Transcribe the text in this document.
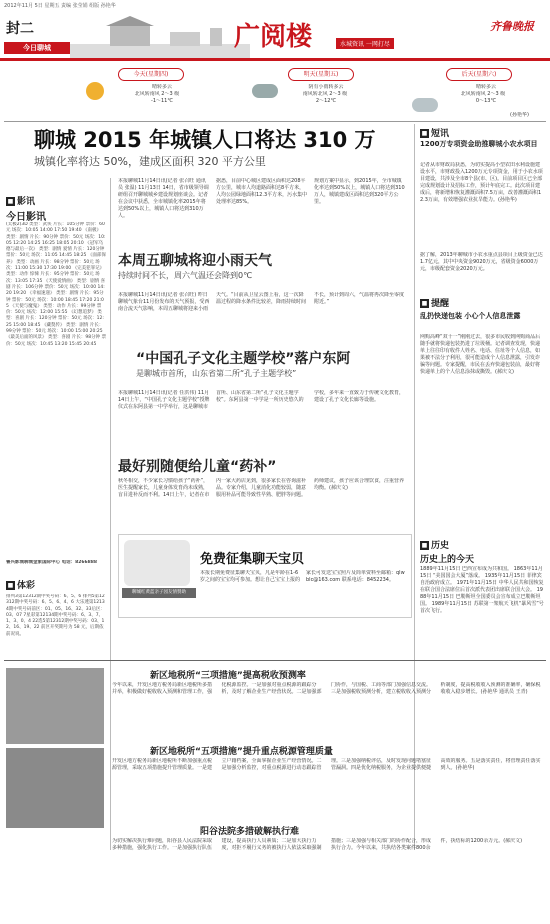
2012年11月 5日 星期五 责编 张莹娟 组版 孙艳华
封二
今日聊城	广阅楼	水城资讯 一网打尽
齐鲁晚报
今天(星期四)
晴转多云
北风转南风 2～3 级
-1～11℃
明天(星期五)
阴有小雨转多云
南风转北风 2～3 级
2～12℃
后天(星期六)
晴转多云
北风转南风 2～3 级
0～13℃
(孙艳华)
聊城 2015 年城镇人口将达 310 万
城镇化率将达 50%，建成区面积 320 平方公里
本报聊城11月14日讯(记者 张召旺 通讯员 张温) 11月13日 14日，省市级领导调研组召开聊城城乡建设规划座谈会。记者在会议中获悉，全市城镇化率2015年将达到50%以上，城镇人口将达到310万人。
据悉，目前中心城区建成区面积达208平方公里，城市人均道路面积达8平方米，人均公园绿地面积12.3平方米，污水集中处理率达85%。
规划方案中显示，到2015年，全市城镇化率达到50%以上，城镇人口将达到310万人，城镇建成区面积达到320平方公里。
■ 影讯
今日影讯
(太极2)3D 类型：武侠 片长：105分钟 票价：60元 场次：10:05 14:00 17:50 19:40 《南极》 类型：剧情 片长：90分钟 票价：50元 场次：10:05 12:20 14:25 16:25 18:05 20:10 《冠军乌德与最后一次》 类型：剧情 爱情 片长：120分钟 票价：50元 场次：11:05 14:45 18:25 《面部保养》 类型：动画 片长：98分钟 票价：50元 场次：11:00 15:30 17:30 19:00 《完美犯罪记》 类型：动作 惊悚 片长：95分钟 票价：50元 场次：13:05 17:35 《天使爱情曲》 类型：剧情 喜剧 片长：106分钟 票价：50元 场次：10:00 14:20 19:20 《幸福速递》 类型：剧情 片长：95分钟 票价：50元 场次：10:00 18:45 17:20 21:05 《天使与魔鬼》 类型：动作 片长：99分钟 票价：50元 场次：12:00 15:55 《幻想追梦》 类型：喜剧 片长：120分钟 票价：50元 场次：12:25 15:00 18:45 《藏獒传》 类型：剧情 片长：99分钟 票价：50元 场次：10:00 15:00 20:25 《最美后面的风景》 类型：喜剧 片长：98分钟 票价：50元 场次：10:45 13:20 15:45 20:45
鲁兴影城聊城金象国际中心 电话：8266888
■ 体彩
排列3第12312期中奖号码：6、5、6 排列5第12312期中奖号码：6、5、6、4、6 大乐透第12134期中奖号码前区：01、05、16、32、33后区：03、07 7星彩第12134期中奖号码：6、3、7、1、3、0、4 22选5第12312期中奖号码：03、12、16、19、22 前区开奖期号为 58 元，后期依前况说。
本周五聊城将迎小雨天气
持续时间不长，周六气温还会降到0℃
本报聊城11月14日讯(记者 张召旺) 昨日聊城气象台11月份发布的天气预报，受西南合流天气影响，本周五聊城将迎来小雨天气。“目前从卫星云图上看，这一次降温过程的降水条件比较差，降雨持续时间不长，预计到周六，气温将再次降至零度附近。”
“中国孔子文化主题学校”落户东阿
是聊城市首所，山东省第二所“孔子主题学校”
本报聊城11月14日讯(记者 任洪伟) 11月14日上午，“中国孔子文化主题学校”授牌仪式在东阿县第一中学举行，这是聊城市首所、山东省第二所“孔子文化主题学校”。东阿县第一中学是一所历史悠久的学校，多年来一直致力于传统文化教育，建设了孔子文化长廊等设施。
最好别随便给儿童“药补”
秋冬相交，不少家长习惯给孩子“药补”，医生提醒家长，儿童身体发育尚未成熟，盲目进补反而不利。14日上午，记者在市内一家大药店见到，很多家长在咨询滋补品。专家介绍，儿童消化功能较弱，随意服用补品可能导致性早熟、肥胖等问题。药师建议，孩子应该合理饮食，注重营养均衡。(郝庆文)
免费征集聊天宝贝
聊城红黄蓝亲子园友情赞助
本报长期免费征集聊天宝贝，凡是年龄在1-6岁之间的宝宝均可参加。想让自己宝宝上报的家长可发送宝宝照片及简单资料至邮箱：qlwblc@163.com 联系电话：8452234。
■ 短讯
1200万专项资金助推聊城小农水项目
记者从市财政局获悉，为切实提高小型农田水利设施建设水平，市财政投入1200万元专项资金，用于小农水项目建设，共涉及全市8个县(市、区)。目前项目区已全部完成规划设计及招标工作，预计年底完工。此次项目建成后，将新增和恢复灌溉面积7.5万亩，改善灌溉面积12.3万亩，有效增强农业抗旱能力。(孙艳华)
据了解，2013年聊城市小农水重点县项目上级资金已达1.7亿元，其中中央资金9020万元，省级资金6000万元，市级配套资金2020万元。
■ 提醒
乱扔快递包装 小心个人信息泄露
网购高峰“双十一”刚刚过去，很多市民收到网购商品后随手就将快递包装扔进了垃圾桶。记者调查发现，快递单上往往印有收件人姓名、电话、住址等个人信息，如果被不法分子利用，很可能造成个人信息泄露，引发诈骗等问题。专家提醒，市民在丢弃快递包装前，最好将快递单上的个人信息涂抹或撕毁。(郝庆文)
■ 历史
历史上的今天
1889年11月15日 巴西宣布成为共和国。 1863年11月15日 “美国国会大厦”落成。 1935年11月15日 菲律宾自治政府成立。 1971年11月15日 中华人民共和国恢复在联合国合法席位后首次派代表团出席联合国大会。 1988年11月15日 巴勒斯坦全国委员会宣布成立巴勒斯坦国。 1989年11月15日 苏联第一架航天飞机“暴风雪”号首次飞行。
新区地税所“三项措施”提高税收预测率
今年以来，开发区地方税务局新区地税所多措并举，积极做好税收收入预测和管理工作，强化税源监控。一是加强对重点税源的跟踪分析，及时了解企业生产经营状况。二是加强部门协作，与国税、工商等部门加强信息交流。三是加强税收预测分析，建立税收收入预测分析制度，提高税收收入预测的准确率，确保税收收入稳步增长。(孙艳华 通讯员 王青)
新区地税所“五项措施”提升重点税源管理质量
开发区地方税务局新区地税所不断加强重点税源管理，采取五项措施提升管理质量。一是建立户籍档案，全面掌握企业生产经营情况。二是加强分析监控，对重点税源进行动态跟踪管理。三是加强纳税评估，及时发现问题堵塞征管漏洞。四是优化纳税服务，为企业提供便捷高效的服务。五是落实责任，将管理责任落实到人。(孙艳华)
阳谷法院多措破解执行难
为切实解决执行难问题，阳谷县人民法院采取多种措施，强化执行工作。一是加强执行队伍建设，提高执行人员素质；二是加大执行力度，对拒不履行义务的被执行人依法采取强制措施；三是加强与相关部门的协作配合，形成执行合力。今年以来，共执结各类案件800余件，执结标的1200余万元。(郝庆文)
